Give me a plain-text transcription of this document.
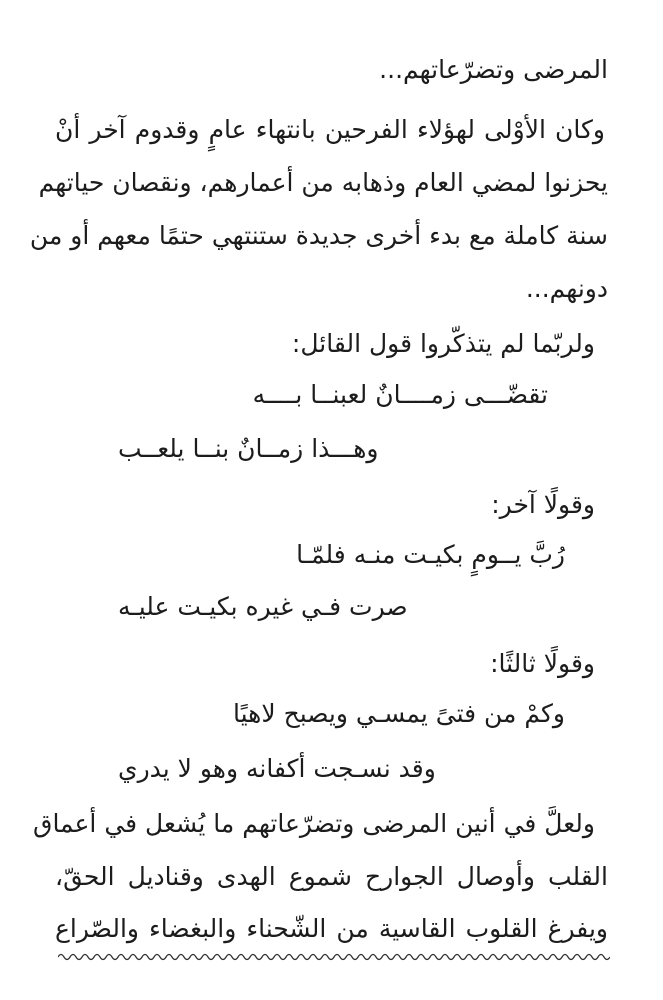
المرضى وتضرّعاتهم...
وكان الأوْلى لهؤلاء الفرحين بانتهاء عامٍ وقدوم آخر أنْ
يحزنوا لمضي العام وذهابه من أعمارهم، ونقصان حياتهم
سنة كاملة مع بدء أخرى جديدة ستنتهي حتمًا معهم أو من
دونهم...
ولربّما لم يتذكّروا قول القائل:
تقضّـــى زمــــانٌ لعبنــا بــــه
وهـــذا زمــانٌ بنــا يلعــب
وقولًا آخر:
رُبَّ يــومٍ بكيـت منـه فلمّـا
صرت فـي غيره بكيـت عليـه
وقولًا ثالثًا:
وكمْ من فتىً يمسـي ويصبح لاهيًا
وقد نسـجت أكفانه وهو لا يدري
ولعلَّ في أنين المرضى وتضرّعاتهم ما يُشعل في أعماق
القلب وأوصال الجوارح شموع الهدى وقناديل الحقّ،
ويفرغ القلوب القاسية من الشّحناء والبغضاء والصّراع
